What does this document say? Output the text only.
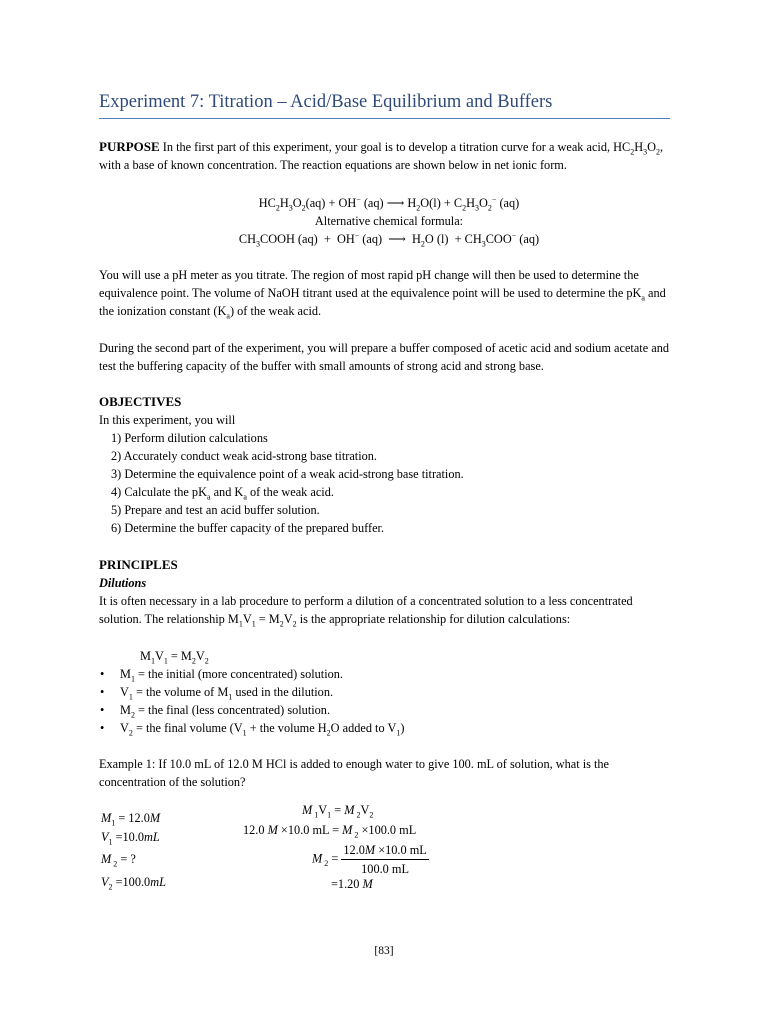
Experiment 7: Titration – Acid/Base Equilibrium and Buffers
PURPOSE In the first part of this experiment, your goal is to develop a titration curve for a weak acid, $HC_2H_3O_2$,
with a base of known concentration. The reaction equations are shown below in net ionic form.
$HC_2H_3O_2(aq) + OH^-$ (aq) ⟶ $H_2O(l) + C_2H_3O_2^-$ (aq)
Alternative chemical formula:
$CH_3COOH$ (aq)  +  OH− (aq)  ⟶  $H_2O$ $(l) + CH_3COO^-$ (aq)
You will use a pH meter as you titrate. The region of most rapid pH change will then be used to determine the
equivalence point. The volume of NaOH titrant used at the equivalence point will be used to determine the $pK_a$ and
the ionization constant $(K_a)$ of the weak acid.
During the second part of the experiment, you will prepare a buffer composed of acetic acid and sodium acetate and
test the buffering capacity of the buffer with small amounts of strong acid and strong base.
OBJECTIVES
In this experiment, you will
1) Perform dilution calculations
2) Accurately conduct weak acid-strong base titration.
3) Determine the equivalence point of a weak acid-strong base titration.
4) Calculate the $pK_a$ and $K_a$ of the weak acid.
5) Prepare and test an acid buffer solution.
6) Determine the buffer capacity of the prepared buffer.
PRINCIPLES
Dilutions
It is often necessary in a lab procedure to perform a dilution of a concentrated solution to a less concentrated
solution. The relationship $M_1V_1 = M_2V_2$ is the appropriate relationship for dilution calculations:
$M_1V_1 = M_2V_2$
• $M_1$ = the initial (more concentrated) solution.
• $V_1$ = the volume of $M_1$ used in the dilution.
• $M_2$ = the final (less concentrated) solution.
• $V_2$ = the final volume ($V_1$ + the volume $H_2O$ added to $V_1$)
Example 1: If 10.0 mL of 12.0 M HCl is added to enough water to give 100. mL of solution, what is the
concentration of the solution?
$M_1 = 12.0M$
$V_1 =10.0mL$
M $_2$ = ?
$V_2 =100.0mL$
M $_1V_1 = M$ $_2V_2$
12.0 M ×10.0 mL = M $_2$ ×100.0 mL
M $_2 = \frac{12.0M \times 10.0 mL}{100.0 mL}$
=1.20 M
[83]
